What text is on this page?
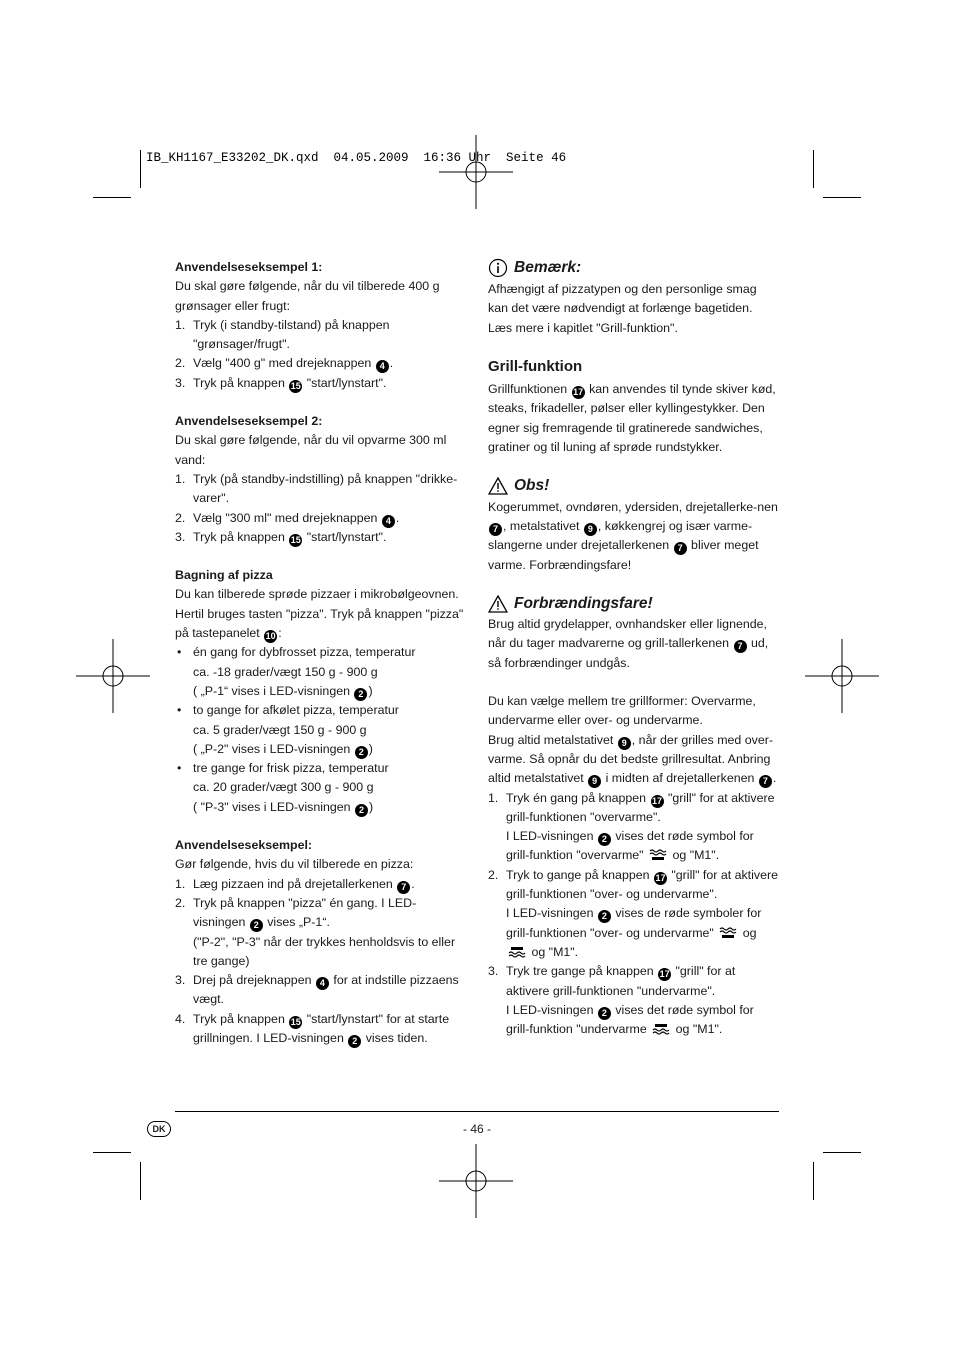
IB_KH1167_E33202_DK.qxd  04.05.2009  16:36 Uhr  Seite 46

Anvendelseseksempel 1:

Du skal gøre følgende, når du vil tilberede 400 g grønsager eller frugt:

1. Tryk (i standby-tilstand) på knappen "grønsager/frugt".
2. Vælg "400 g" med drejeknappen 4 .
3. Tryk på knappen 15 "start/lynstart".

Anvendelseseksempel 2:

Du skal gøre følgende, når du vil opvarme 300 ml vand:

1. Tryk (på standby-indstilling) på knappen "drikke-varer".
2. Vælg "300 ml" med drejeknappen 4 .
3. Tryk på knappen 15 "start/lynstart".

Bagning af pizza

Du kan tilberede sprøde pizzaer i mikrobølgeovnen. Hertil bruges tasten "pizza". Tryk på knappen "pizza" på tastepanelet 10 :

• én gang for dybfrosset pizza, temperatur
ca. -18 grader/vægt 150 g - 900 g
( „P-1“ vises i LED-visningen 2 )
• to gange for afkølet pizza, temperatur
ca. 5 grader/vægt 150 g - 900 g
( „P-2" vises i LED-visningen 2 )
• tre gange for frisk pizza, temperatur
ca. 20 grader/vægt 300 g - 900 g
( "P-3" vises i LED-visningen 2 )

Anvendelseseksempel:

Gør følgende, hvis du vil tilberede en pizza:

1. Læg pizzaen ind på drejetallerkenen 7 .
2. Tryk på knappen "pizza" én gang. I LED-visningen 2 vises „P-1“.
("P-2", "P-3" når der trykkes henholdsvis to eller tre gange)
3. Drej på drejeknappen 4 for at indstille pizzaens vægt.
4. Tryk på knappen 15 "start/lynstart" for at starte grillningen. I LED-visningen 2 vises tiden.
Bemærk:

Afhængigt af pizzatypen og den personlige smag kan det være nødvendigt at forlænge bagetiden. Læs mere i kapitlet "Grill-funktion".

Grill-funktion

Grillfunktionen 17 kan anvendes til tynde skiver kød, steaks, frikadeller, pølser eller kyllingestykker. Den egner sig fremragende til gratinerede sandwiches, gratiner og til luning af sprøde rundstykker.

Obs!

Kogerummet, ovndøren, ydersiden, drejetallerke-nen 7 , metalstativet 9 , køkkengrej og især varme-slangerne under drejetallerkenen 7 bliver meget varme. Forbrændingsfare!

Forbrændingsfare!

Brug altid grydelapper, ovnhandsker eller lignende, når du tager madvarerne og grill-tallerkenen 7 ud, så forbrændinger undgås.

Du kan vælge mellem tre grillformer: Overvarme, undervarme eller over- og undervarme.

Brug altid metalstativet 9 , når der grilles med over-varme. Så opnår du det bedste grillresultat. Anbring altid metalstativet 9 i midten af drejetallerkenen 7 .

1. Tryk én gang på knappen 17 "grill" for at aktivere grill-funktionen "overvarme".
I LED-visningen 2 vises det røde symbol for grill-funktion "overvarme"  og "M1".
2. Tryk to gange på knappen 17 "grill" for at aktivere grill-funktionen "over- og undervarme".
I LED-visningen 2 vises de røde symboler for grill-funktionen "over- og undervarme"  og  og "M1".
3. Tryk tre gange på knappen 17 "grill" for at aktivere grill-funktionen "undervarme".
I LED-visningen 2 vises det røde symbol for grill-funktion "undervarme  og "M1".
DK	- 46 -
